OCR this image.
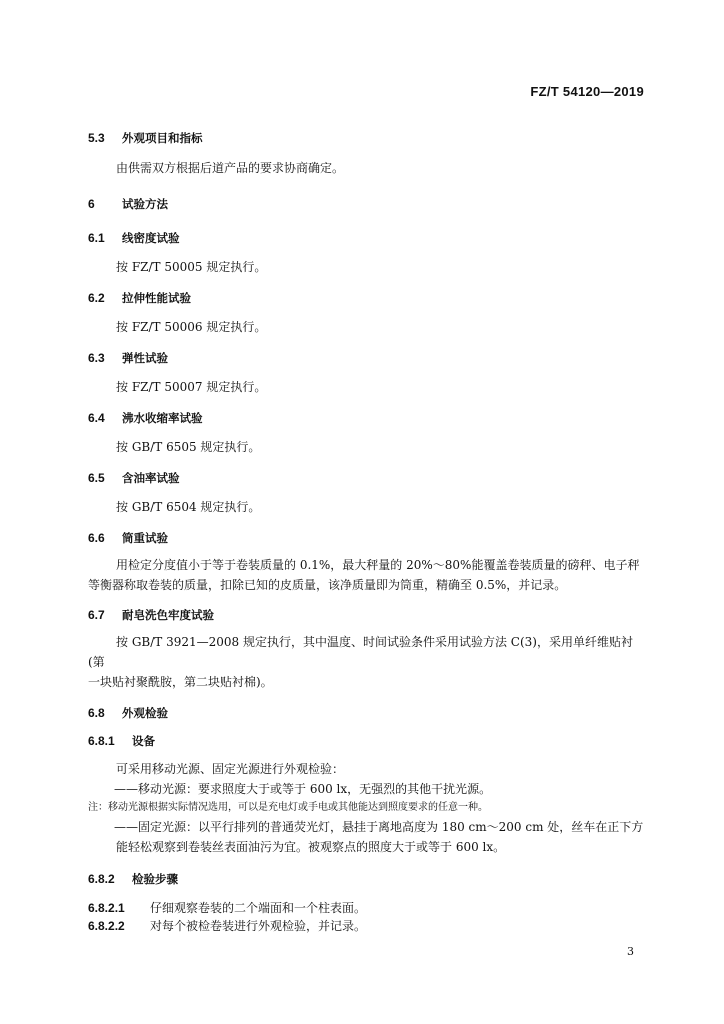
FZ/T 54120—2019

5.3 外观项目和指标

由供需双方根据后道产品的要求协商确定。

6 试验方法

6.1 线密度试验

按 FZ/T 50005 规定执行。

6.2 拉伸性能试验

按 FZ/T 50006 规定执行。

6.3 弹性试验

按 FZ/T 50007 规定执行。

6.4 沸水收缩率试验

按 GB/T 6505 规定执行。

6.5 含油率试验

按 GB/T 6504 规定执行。

6.6 筒重试验

用检定分度值小于等于卷装质量的 0.1%，最大秤量的 20%～80%能覆盖卷装质量的磅秤、电子秤

等衡器称取卷装的质量，扣除已知的皮质量，该净质量即为筒重，精确至 0.5%，并记录。

6.7 耐皂洗色牢度试验

按 GB/T 3921—2008 规定执行，其中温度、时间试验条件采用试验方法 C(3)，采用单纤维贴衬(第

一块贴衬聚酰胺，第二块贴衬棉)。

6.8 外观检验

6.8.1 设备

可采用移动光源、固定光源进行外观检验：

——移动光源：要求照度大于或等于 600 lx，无强烈的其他干扰光源。

注：移动光源根据实际情况选用，可以是充电灯或手电或其他能达到照度要求的任意一种。

——固定光源：以平行排列的普通荧光灯，悬挂于离地高度为 180 cm～200 cm 处，丝车在正下方

能轻松观察到卷装丝表面油污为宜。被观察点的照度大于或等于 600 lx。

6.8.2 检验步骤

6.8.2.1 仔细观察卷装的二个端面和一个柱表面。

6.8.2.2 对每个被检卷装进行外观检验，并记录。

3
